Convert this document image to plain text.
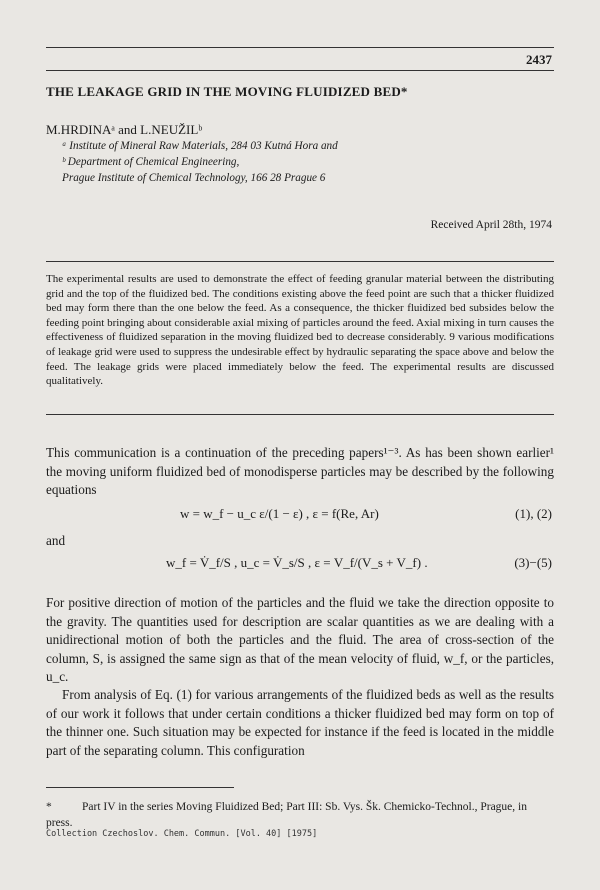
2437
THE LEAKAGE GRID IN THE MOVING FLUIDIZED BED*
M.HRDINAᵃ and L.NEUŽILᵇ
ᵃ Institute of Mineral Raw Materials, 284 03 Kutná Hora and
ᵇ Department of Chemical Engineering,
Prague Institute of Chemical Technology, 166 28 Prague 6
Received April 28th, 1974
The experimental results are used to demonstrate the effect of feeding granular material between the distributing grid and the top of the fluidized bed. The conditions existing above the feed point are such that a thicker fluidized bed may form there than the one below the feed. As a consequence, the thicker fluidized bed subsides below the feeding point bringing about considerable axial mixing of particles around the feed. Axial mixing in turn causes the effectiveness of fluidized separation in the moving fluidized bed to decrease considerably. 9 various modifications of leakage grid were used to suppress the undesirable effect by hydraulic separating the space above and below the feed. The leakage grids were placed immediately below the feed. The experimental results are discussed qualitatively.
This communication is a continuation of the preceding papers¹⁻³. As has been shown earlier¹ the moving uniform fluidized bed of monodisperse particles may be described by the following equations
w = w_f − u_c ε/(1 − ε) , ε = f(Re, Ar)	(1), (2)
and
w_f = V̇_f/S , u_c = V̇_s/S , ε = V_f/(V_s + V_f) .	(3)−(5)
For positive direction of motion of the particles and the fluid we take the direction opposite to the gravity. The quantities used for description are scalar quantities as we are dealing with a unidirectional motion of both the particles and the fluid. The area of cross-section of the column, S, is assigned the same sign as that of the mean velocity of fluid, w_f, or the particles, u_c.
From analysis of Eq. (1) for various arrangements of the fluidized beds as well as the results of our work it follows that under certain conditions a thicker fluidized bed may form on top of the thinner one. Such situation may be expected for instance if the feed is located in the middle part of the separating column. This configuration
*	Part IV in the series Moving Fluidized Bed; Part III: Sb. Vys. Šk. Chemicko-Technol., Prague, in press.
Collection Czechoslov. Chem. Commun. [Vol. 40] [1975]
